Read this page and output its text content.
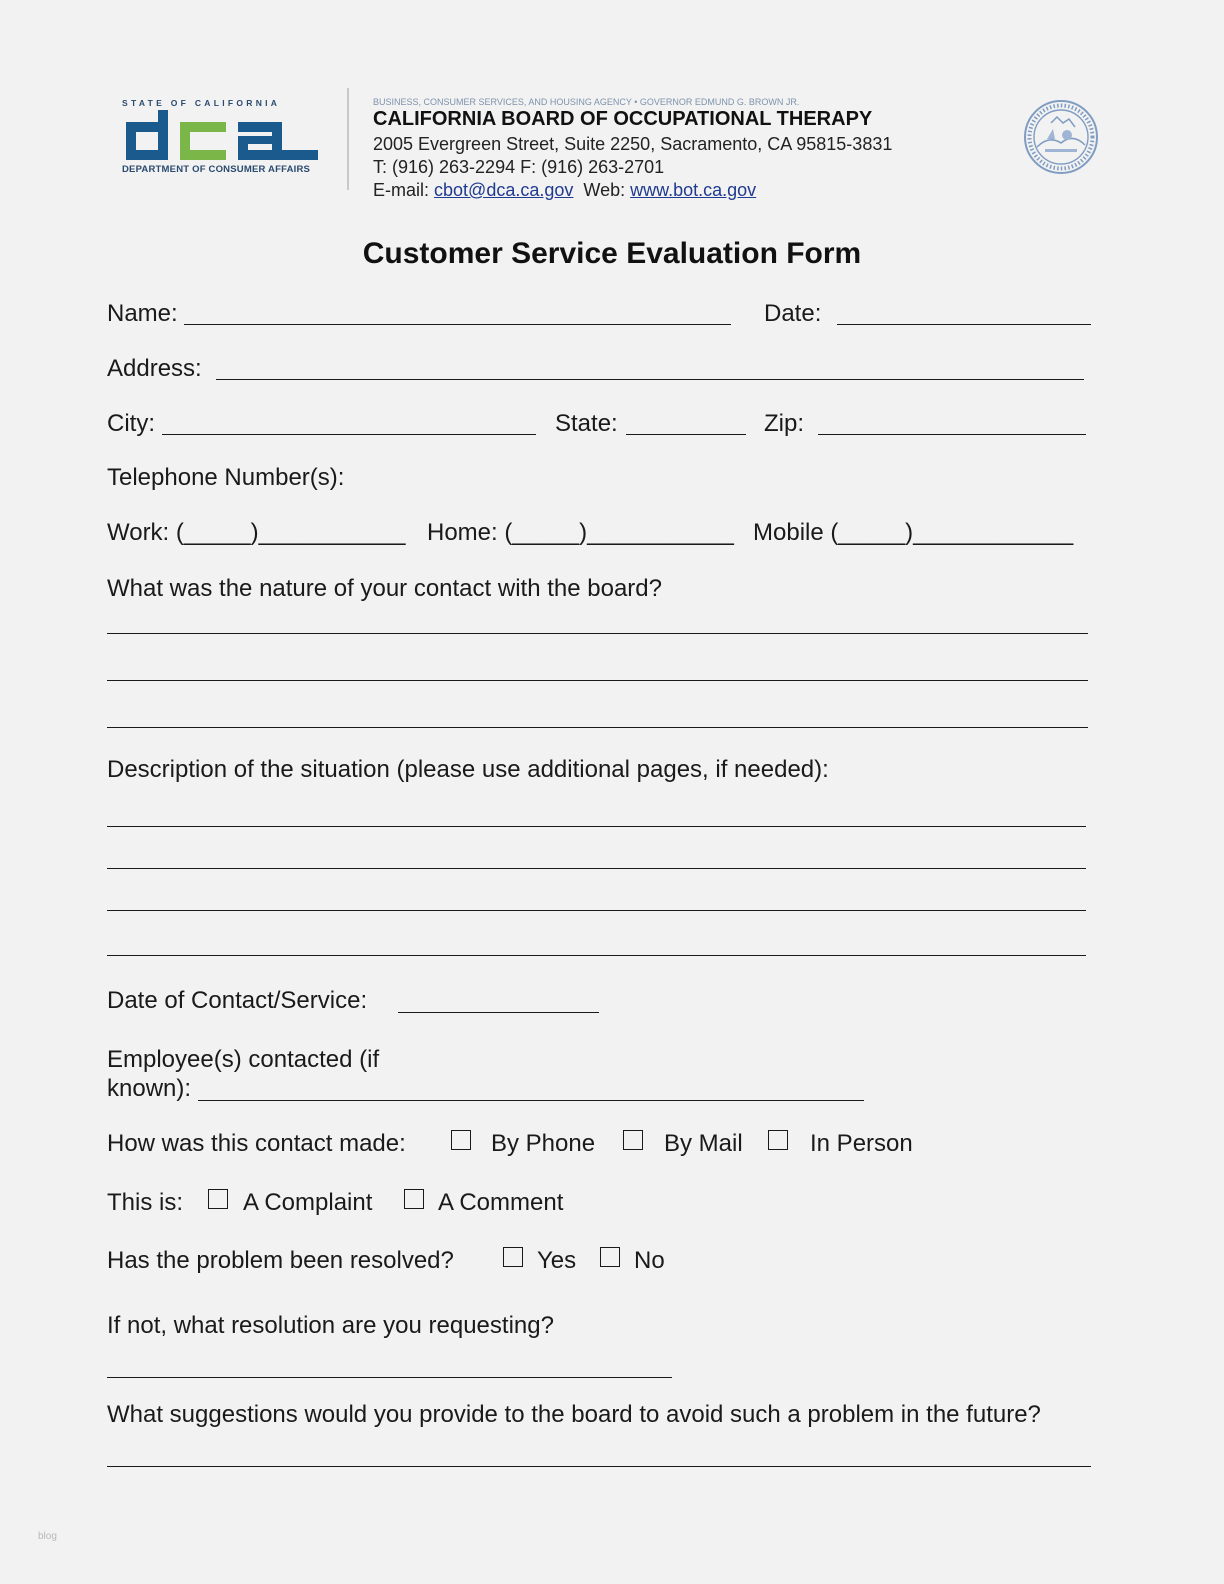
STATE OF CALIFORNIA
DEPARTMENT OF CONSUMER AFFAIRS
BUSINESS, CONSUMER SERVICES, AND HOUSING AGENCY • GOVERNOR EDMUND G. BROWN JR.
CALIFORNIA BOARD OF OCCUPATIONAL THERAPY
2005 Evergreen Street, Suite 2250, Sacramento, CA 95815-3831
T: (916) 263-2294 F: (916) 263-2701
E-mail: cbot@dca.ca.gov Web: www.bot.ca.gov
Customer Service Evaluation Form
Name:	Date:
Address:
City:	State:	Zip:
Telephone Number(s):
Work: (_____)___________ Home: (_____)___________ Mobile (_____)____________
What was the nature of your contact with the board?
Description of the situation (please use additional pages, if needed):
Date of Contact/Service:
Employee(s) contacted (if
known):
How was this contact made:	By Phone	By Mail	In Person
This is: A Complaint	A Comment
Has the problem been resolved?	Yes No
If not, what resolution are you requesting?
What suggestions would you provide to the board to avoid such a problem in the future?
blog
